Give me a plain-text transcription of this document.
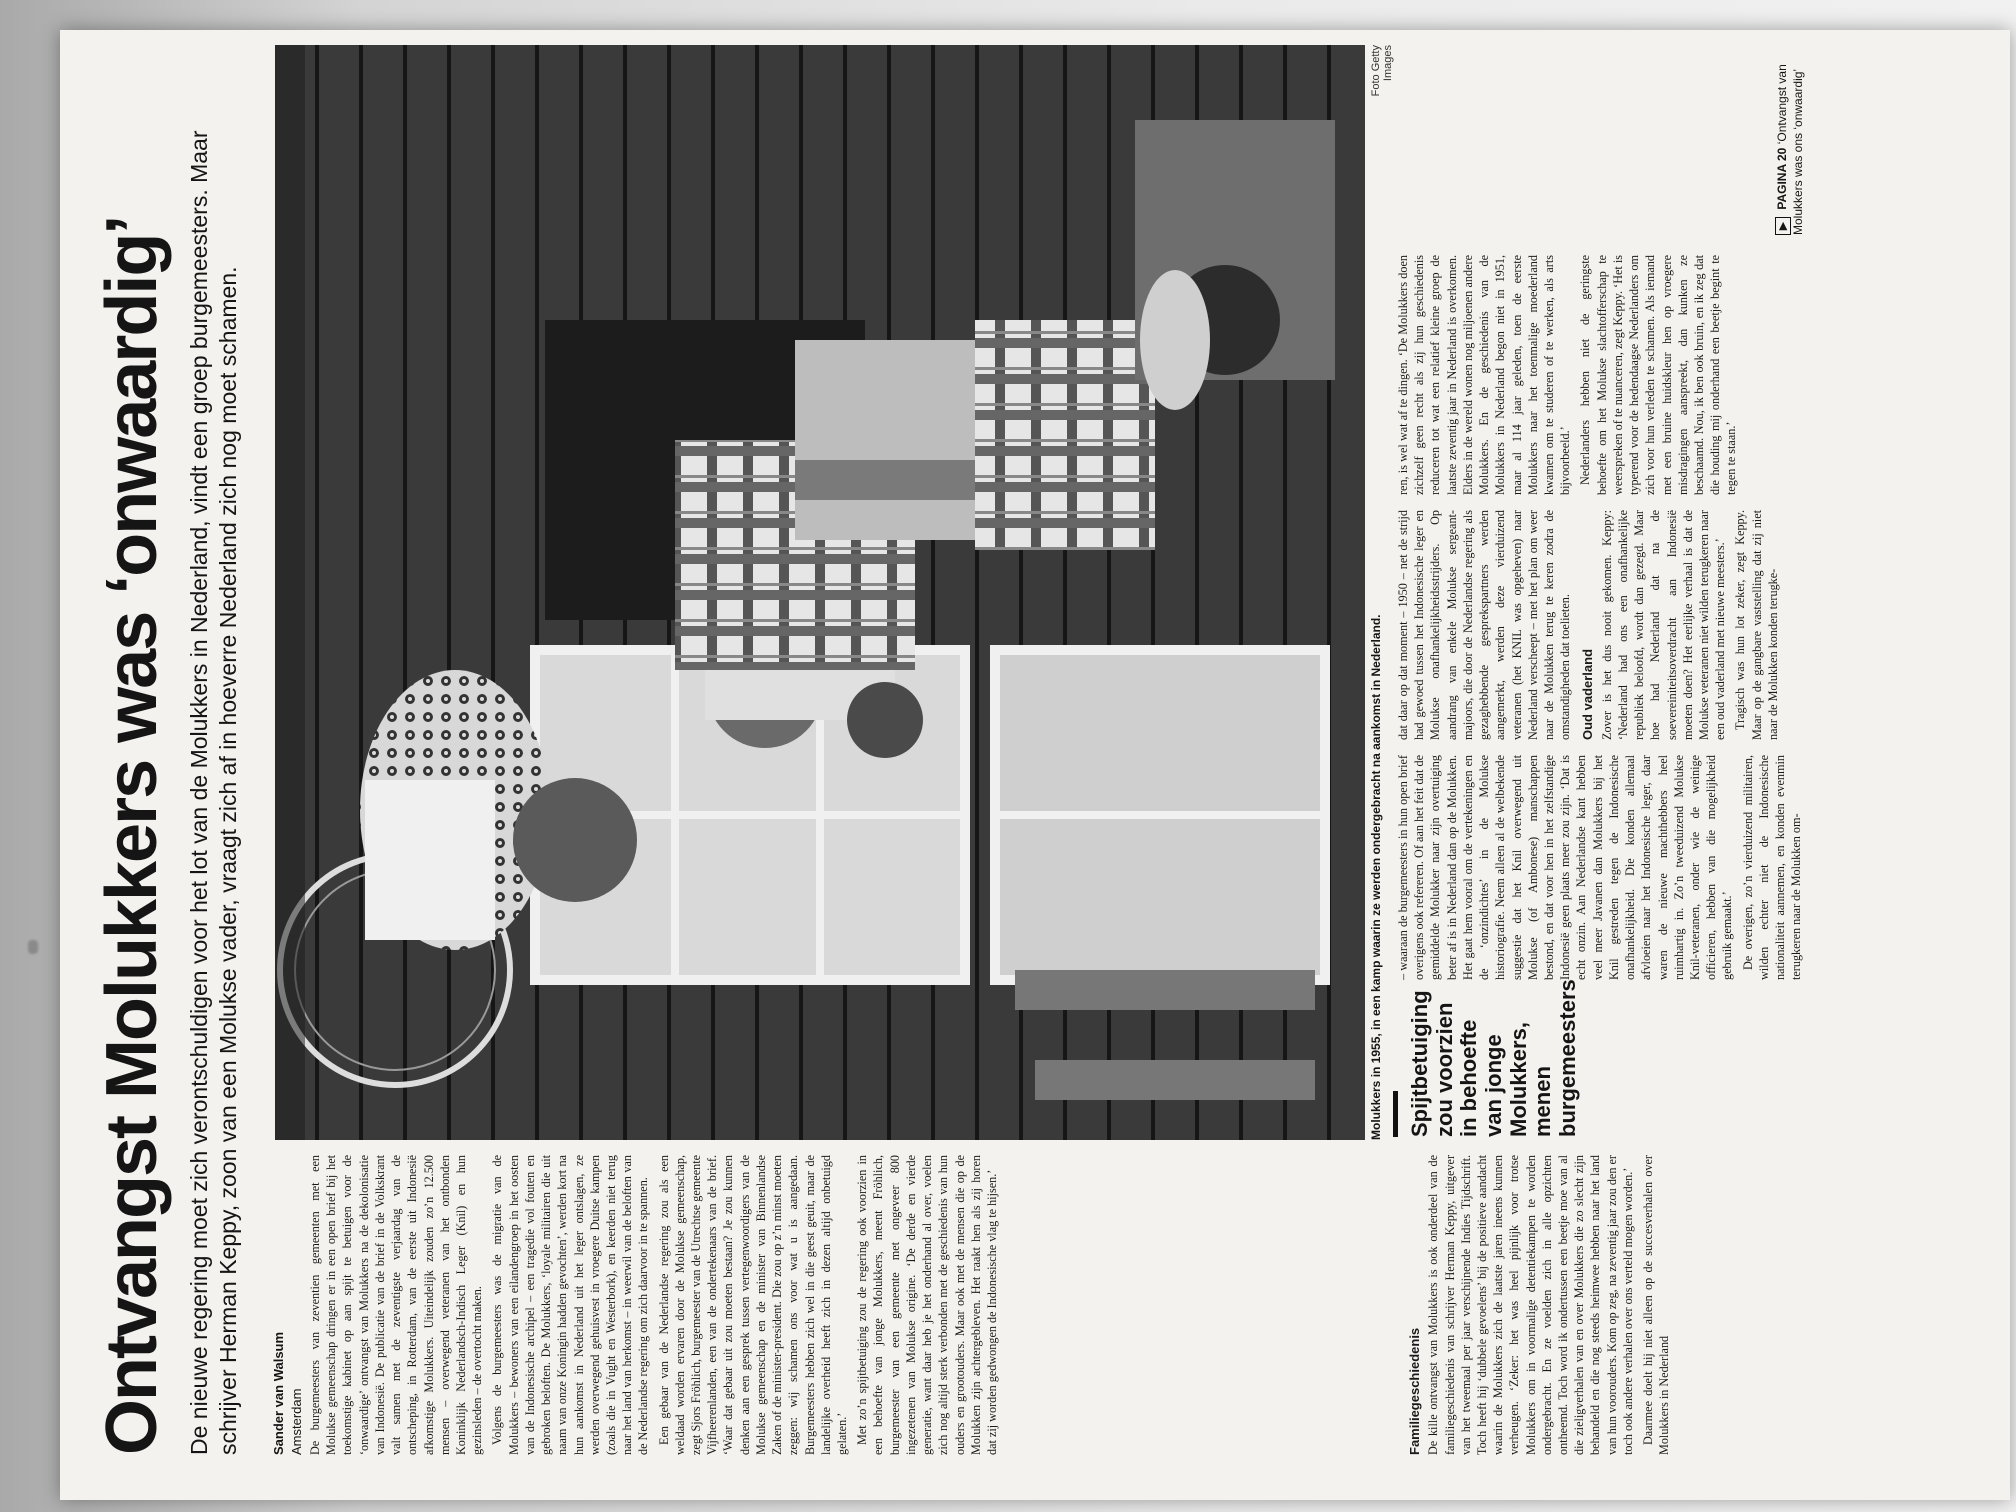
Ontvangst Molukkers was ‘onwaardig’ De nieuwe regering moet zich verontschuldigen voor het lot van de Molukkers in Nederland, vindt een groep burgemeesters. Maar schrijver Herman Keppy, zoon van een Molukse vader, vraagt zich af in hoeverre Nederland zich nog moet schamen. Sander van Walsum Amsterdam De burgemeesters van zeventien gemeenten met een Molukse gemeenschap dringen er in een open brief bij het toekomstige kabinet op aan spijt te betuigen voor de ‘onwaardige’ ontvangst van Molukkers na de dekolonisatie van Indonesië. De publicatie van de brief in de Volkskrant valt samen met de zeventigste verjaardag van de ontscheping, in Rotterdam, van de eerste uit Indonesië afkomstige Molukkers. Uiteindelijk zouden zo’n 12.500 mensen – overwegend veteranen van het ontbonden Koninklijk Nederlandsch-Indisch Leger (Knil) en hun gezinsleden – de overtocht maken. Volgens de burgemeesters was de migratie van de Molukkers – bewoners van een eilandengroep in het oosten van de Indonesische archipel – een tragedie vol fouten en gebroken beloften. De Molukkers, ‘loyale militairen die uit naam van onze Koningin hadden gevochten’, werden kort na hun aankomst in Nederland uit het leger ontslagen, ze werden overwegend gehuisvest in vroegere Duitse kampen (zoals die in Vught en Westerbork), en keerden niet terug naar het land van herkomst – in weerwil van de beloften van de Nederlandse regering om zich daarvoor in te spannen. Een gebaar van de Nederlandse regering zou als een weldaad worden ervaren door de Molukse gemeenschap, zegt Sjors Fröhlich, burgemeester van de Utrechtse gemeente Vijfheerenlanden, een van de ondertekenaars van de brief. ‘Waar dat gebaar uit zou moeten bestaan? Je zou kunnen denken aan een gesprek tussen vertegenwoordigers van de Molukse gemeenschap en de minister van Binnenlandse Zaken of de minister-president. Die zou op z’n minst moeten zeggen: wij schamen ons voor wat u is aangedaan. Burgemeesters hebben zich wel in die geest geuit, maar de landelijke overheid heeft zich in dezen altijd onbetuigd gelaten.’ Met zo’n spijtbetuiging zou de regering ook voorzien in een behoefte van jonge Molukkers, meent Fröhlich, burgemeester van een gemeente met ongeveer 800 ingezetenen van Molukse origine. ‘De derde en vierde generatie, want daar heb je het onderhand al over, voelen zich nog altijd sterk verbonden met de geschiedenis van hun ouders en grootouders. Maar ook met de mensen die op de Molukken zijn achtergebleven. Het raakt hen als zij horen dat zij worden gedwongen de Indonesische vlag te hijsen.’	Familiegeschiedenis De kille ontvangst van Molukkers is ook onderdeel van de familiegeschiedenis van schrijver Herman Keppy, uitgever van het tweemaal per jaar verschijnende Indies Tijdschrift. Toch heeft hij ‘dubbele gevoelens’ bij de positieve aandacht waarin de Molukkers zich de laatste jaren ineens kunnen verheugen. ‘Zeker: het was heel pijnlijk voor trotse Molukkers om in voormalige detentiekampen te worden ondergebracht. En ze voelden zich in alle opzichten ontheemd. Toch word ik ondertussen een beetje moe van al die zieligverhalen van en over Molukkers die zo slecht zijn behandeld en die nog steeds heimwee hebben naar het land van hun voorouders. Kom op zeg, na zeventig jaar zou den er toch ook andere verhalen over ons verteld mogen worden.’ Daarmee doelt hij niet alleen op de succesverhalen over Molukkers in Nederland

Molukkers in 1955, in een kamp waarin ze werden ondergebracht na aankomst in Nederland.
Foto Getty Images
Spijtbetuiging zou voorzien in behoefte van jonge Molukkers, menen burgemeesters

– waaraan de burgemeesters in hun open brief overigens ook refereren. Of aan het feit dat de gemiddelde Molukker naar zijn overtuiging beter af is in Nederland dan op de Molukken. Het gaat hem vooral om de vertekeningen en de ‘onzindichtes’ in de Molukse historiografie. Neem alleen al de welbekende suggestie dat het Knil overwegend uit Molukse (of Ambonese) manschappen bestond, en dat voor hen in het zelfstandige Indonesië geen plaats meer zou zijn. ‘Dat is echt onzin. Aan Nederlandse kant hebben veel meer Javanen dan Molukkers bij het Knil gestreden tegen de Indonesische onafhankelijkheid. Die konden allemaal afvloeien naar het Indonesische leger, daar waren de nieuwe machthebbers heel ruimhartig in. Zo’n tweeduizend Molukse Knil-veteranen, onder wie de weinige officieren, hebben van die mogelijkheid gebruik gemaakt.’ De overigen, zo’n vierduizend militairen, wilden echter niet de Indonesische nationaliteit aannemen, en konden evenmin terugkeren naar de Molukken om-

dat daar op dat moment – 1950 – net de strijd had gewoed tussen het Indonesische leger en Molukse onafhankelijkheidsstrijders. Op aandrang van enkele Molukse sergeant-majoors, die door de Nederlandse regering als gezaghebbende gesprekspartners werden aangemerkt, werden deze vierduizend veteranen (het KNIL was opgeheven) naar Nederland verscheept – met het plan om weer naar de Molukken terug te keren zodra de omstandigheden dat toelieten. Oud vaderland Zover is het dus nooit gekomen. Keppy: ‘Nederland had ons een onafhankelijke republiek beloofd, wordt dan gezegd. Maar hoe had Nederland dat na de soevereiniteitsoverdracht aan Indonesië moeten doen? Het eerlijke verhaal is dat de Molukse veteranen niet wilden terugkeren naar een oud vaderland met nieuwe meesters.’ Tragisch was hun lot zeker, zegt Keppy. Maar op de gangbare vaststelling dat zij niet naar de Molukken konden terugke-

ren, is wel wat af te dingen. ‘De Molukkers doen zichzelf geen recht als zij hun geschiedenis reduceren tot wat een relatief kleine groep de laatste zeventig jaar in Nederland is overkomen. Elders in de wereld wonen nog miljoenen andere Molukkers. En de geschiedenis van de Molukkers in Nederland begon niet in 1951, maar al 114 jaar geleden, toen de eerste Molukkers naar het toenmalige moederland kwamen om te studeren of te werken, als arts bijvoorbeeld.’ Nederlanders hebben niet de geringste behoefte om het Molukse slachtofferschap te weerspreken of te nuanceren, zegt Keppy. ‘Het is typerend voor de hedendaagse Nederlanders om zich voor hun verleden te schamen. Als iemand met een bruine huidskleur hen op vroegere misdragingen aanspreekt, dan kunken ze beschaamd. Nou, ik ben ook bruin, en ik zeg dat die houding mij onderhand een beetje begint te tegen te staan.’

▶ PAGINA 20 ‘Ontvangst van Molukkers was ons ‘onwaardig’
